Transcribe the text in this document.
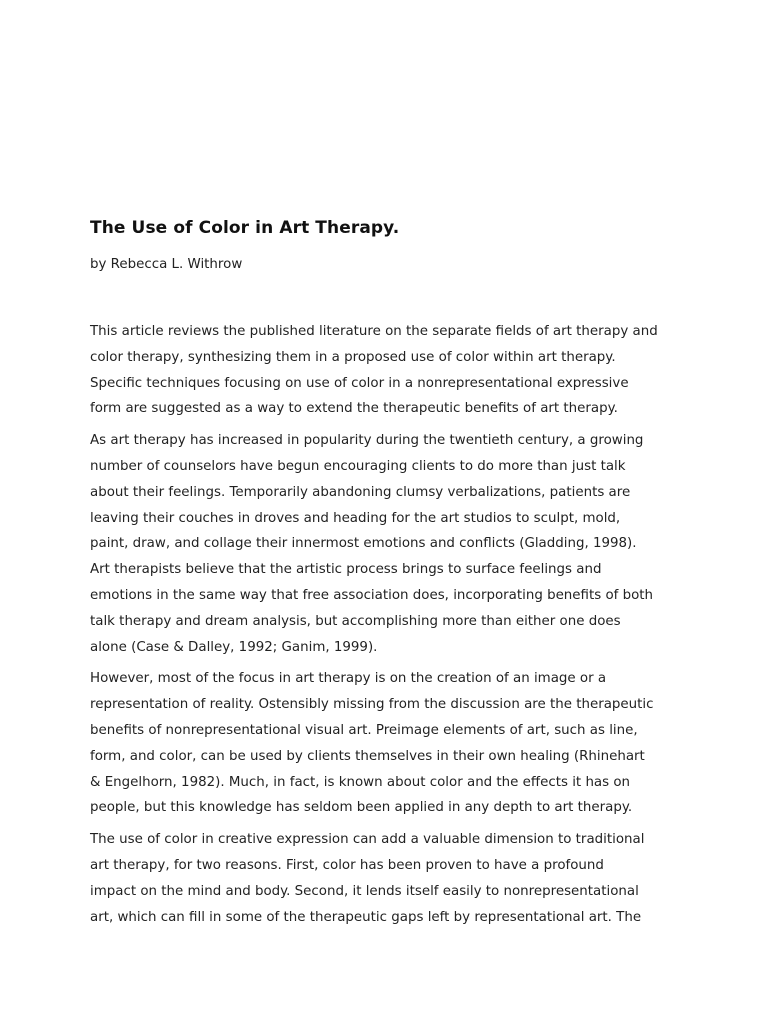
The Use of Color in Art Therapy.

by Rebecca L. Withrow

This article reviews the published literature on the separate fields of art therapy and
color therapy, synthesizing them in a proposed use of color within art therapy.
Specific techniques focusing on use of color in a nonrepresentational expressive
form are suggested as a way to extend the therapeutic benefits of art therapy.

As art therapy has increased in popularity during the twentieth century, a growing
number of counselors have begun encouraging clients to do more than just talk
about their feelings. Temporarily abandoning clumsy verbalizations, patients are
leaving their couches in droves and heading for the art studios to sculpt, mold,
paint, draw, and collage their innermost emotions and conflicts (Gladding, 1998).
Art therapists believe that the artistic process brings to surface feelings and
emotions in the same way that free association does, incorporating benefits of both
talk therapy and dream analysis, but accomplishing more than either one does
alone (Case & Dalley, 1992; Ganim, 1999).

However, most of the focus in art therapy is on the creation of an image or a
representation of reality. Ostensibly missing from the discussion are the therapeutic
benefits of nonrepresentational visual art. Preimage elements of art, such as line,
form, and color, can be used by clients themselves in their own healing (Rhinehart
& Engelhorn, 1982). Much, in fact, is known about color and the effects it has on
people, but this knowledge has seldom been applied in any depth to art therapy.

The use of color in creative expression can add a valuable dimension to traditional
art therapy, for two reasons. First, color has been proven to have a profound
impact on the mind and body. Second, it lends itself easily to nonrepresentational
art, which can fill in some of the therapeutic gaps left by representational art. The
